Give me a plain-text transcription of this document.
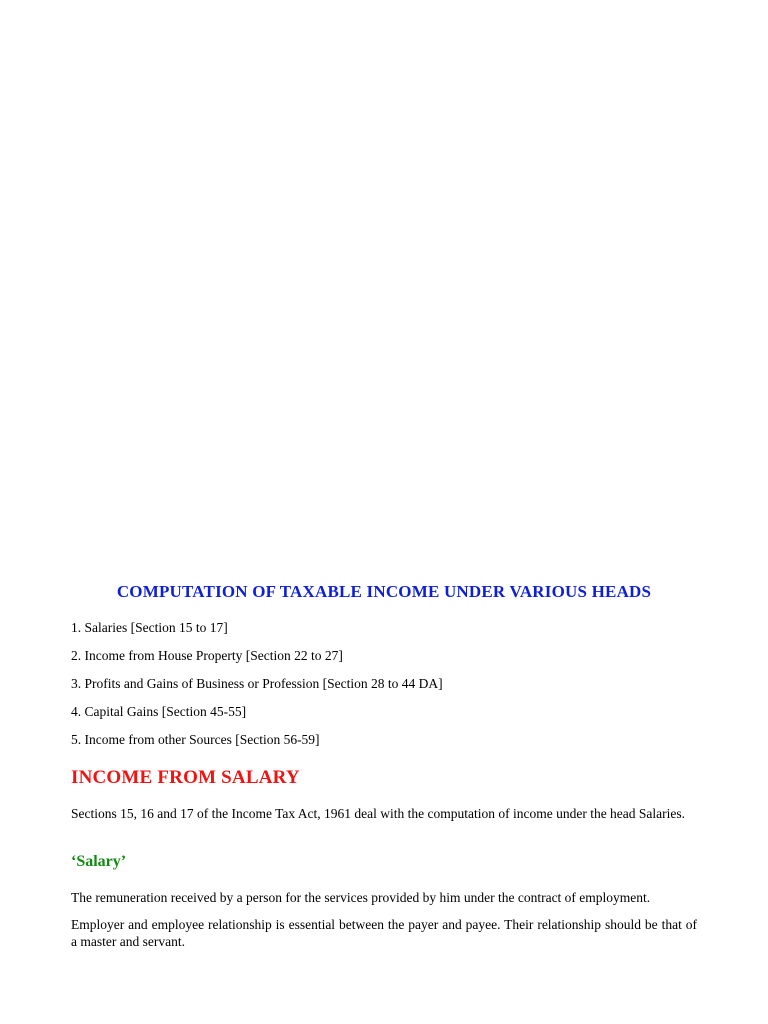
COMPUTATION OF TAXABLE INCOME UNDER VARIOUS HEADS
1. Salaries [Section 15 to 17]
2. Income from House Property [Section 22 to 27]
3. Profits and Gains of Business or Profession [Section 28 to 44 DA]
4. Capital Gains [Section 45-55]
5. Income from other Sources [Section 56-59]
INCOME FROM SALARY

Sections 15, 16 and 17 of the Income Tax Act, 1961 deal with the computation of income under the head Salaries.

‘Salary’

The remuneration received by a person for the services provided by him under the contract of employment.

Employer and employee relationship is essential between the payer and payee. Their relationship should be that of a master and servant.
